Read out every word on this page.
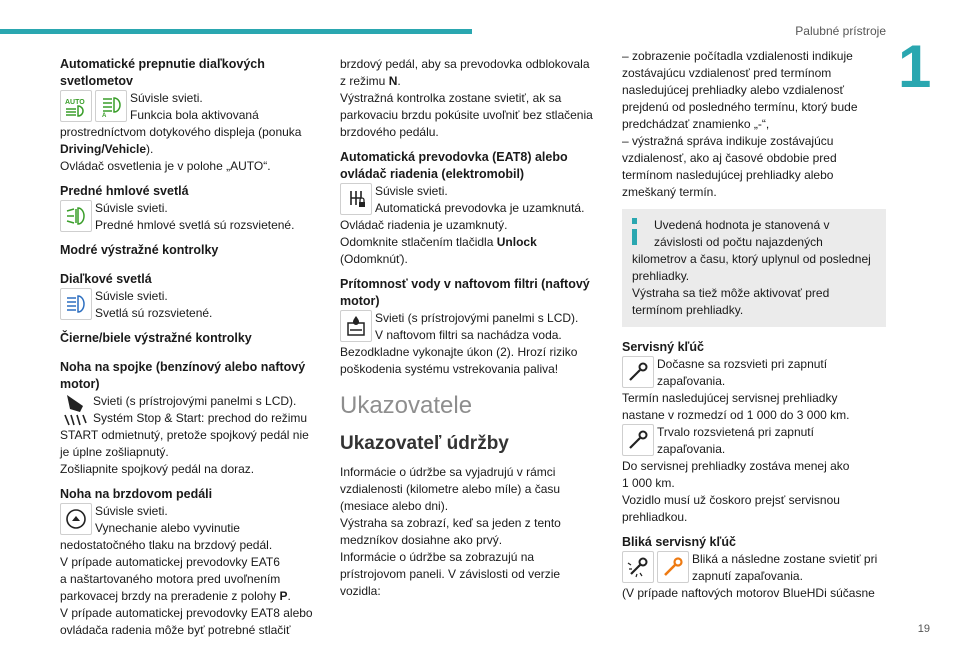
Palubné prístroje
1
Automatické prepnutie diaľkových svetlometov
AUTO
A

Súvisle svieti.

Funkcia bola aktivovaná

prostredníctvom dotykového displeja (ponuka

Driving/Vehicle).

Ovládač osvetlenia je v polohe „AUTO“.

Predné hmlové svetlá

Súvisle svieti.

Predné hmlové svetlá sú rozsvietené.

Modré výstražné kontrolky
Diaľkové svetlá

Súvisle svieti.

Svetlá sú rozsvietené.

Čierne/biele výstražné kontrolky
Noha na spojke (benzínový alebo naftový motor)

Svieti (s prístrojovými panelmi s LCD).

Systém Stop & Start: prechod do režimu

START odmietnutý, pretože spojkový pedál nie

je úplne zošliapnutý.

Zošliapnite spojkový pedál na doraz.

Noha na brzdovom pedáli

Súvisle svieti.

Vynechanie alebo vyvinutie

nedostatočného tlaku na brzdový pedál.

V prípade automatickej prevodovky EAT6

a naštartovaného motora pred uvoľnením

parkovacej brzdy na preradenie z polohy P.

V prípade automatickej prevodovky EAT8 alebo

ovládača radenia môže byť potrebné stlačiť

brzdový pedál, aby sa prevodovka odblokovala

z režimu N.

Výstražná kontrolka zostane svietiť, ak sa

parkovaciu brzdu pokúsite uvoľniť bez stlačenia

brzdového pedálu.

Automatická prevodovka (EAT8) alebo ovládač riadenia (elektromobil)

Súvisle svieti.

Automatická prevodovka je uzamknutá.

Ovládač riadenia je uzamknutý.

Odomknite stlačením tlačidla Unlock

(Odomknúť).

Prítomnosť vody v naftovom filtri (naftový motor)

Svieti (s prístrojovými panelmi s LCD).

V naftovom filtri sa nachádza voda.

Bezodkladne vykonajte úkon (2). Hrozí riziko

poškodenia systému vstrekovania paliva!

Ukazovatele
Ukazovateľ údržby

Informácie o údržbe sa vyjadrujú v rámci

vzdialenosti (kilometre alebo míle) a času

(mesiace alebo dni).

Výstraha sa zobrazí, keď sa jeden z tento

medzníkov dosiahne ako prvý.

Informácie o údržbe sa zobrazujú na

prístrojovom paneli. V závislosti od verzie

vozidla:

– zobrazenie počítadla vzdialenosti indikuje

zostávajúcu vzdialenosť pred termínom

nasledujúcej prehliadky alebo vzdialenosť

prejdenú od poslednéhо termínu, ktorý bude

predchádzať znamienko „-“,

– výstražná správa indikuje zostávajúcu

vzdialenosť, ako aj časové obdobie pred

termínom nasledujúcej prehliadky alebo

zmeškaný termín.

Uvedená hodnota je stanovená v

závislosti od počtu najazdených

kilometrov a času, ktorý uplynul od poslednej

prehliadky.

Výstraha sa tiež môže aktivovať pred

termínom prehliadky.

Servisný kľúč

Dočasne sa rozsvieti pri zapnutí

zapaľovania.

Termín nasledujúcej servisnej prehliadky

nastane v rozmedzí od 1 000 do 3 000 km.

Trvalo rozsvietená pri zapnutí

zapaľovania.

Do servisnej prehliadky zostáva menej ako

1 000 km.

Vozidlo musí už čoskoro prejsť servisnou

prehliadkou.

Bliká servisný kľúč

Bliká a následne zostane svietiť pri

zapnutí zapaľovania.

(V prípade naftových motorov BlueHDi súčasne

19
